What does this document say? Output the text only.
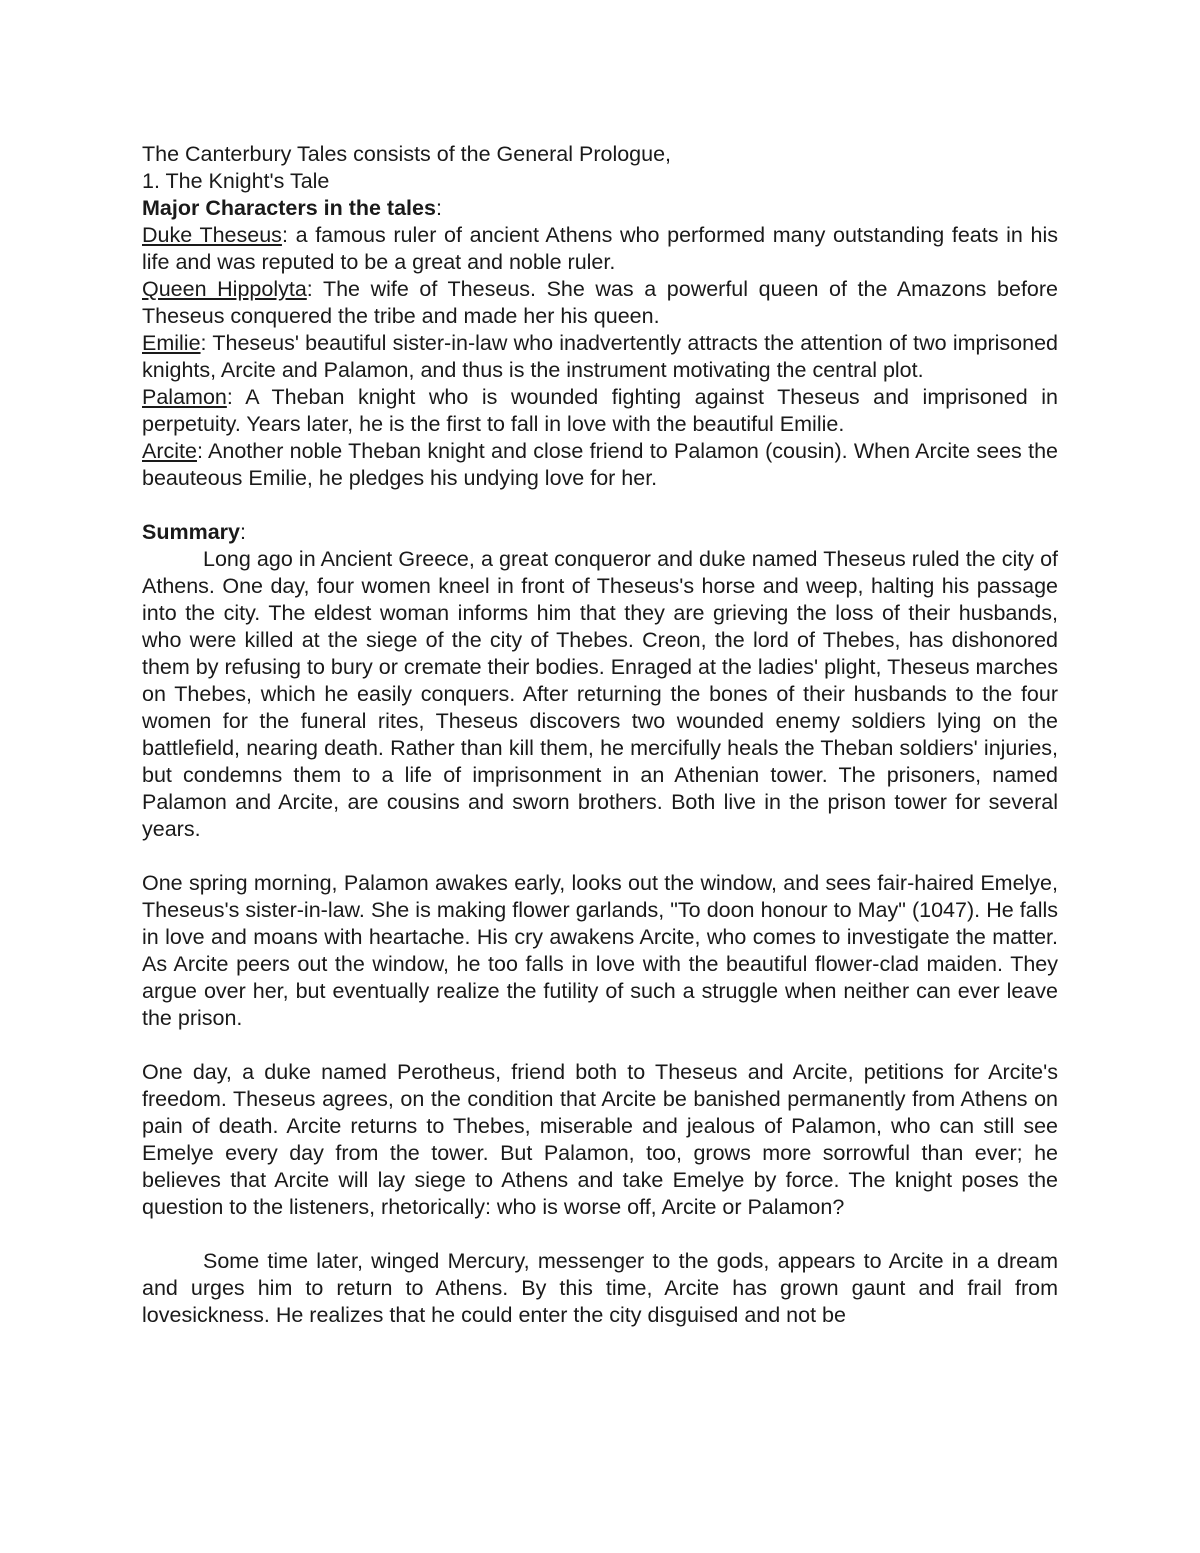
The Canterbury Tales consists of the General Prologue,

1. The Knight's Tale

Major Characters in the tales:

Duke Theseus: a famous ruler of ancient Athens who performed many outstanding feats in his life and was reputed to be a great and noble ruler.

Queen Hippolyta: The wife of Theseus. She was a powerful queen of the Amazons before Theseus conquered the tribe and made her his queen.

Emilie: Theseus' beautiful sister-in-law who inadvertently attracts the attention of two imprisoned knights, Arcite and Palamon, and thus is the instrument motivating the central plot.

Palamon: A Theban knight who is wounded fighting against Theseus and imprisoned in perpetuity. Years later, he is the first to fall in love with the beautiful Emilie.

Arcite: Another noble Theban knight and close friend to Palamon (cousin). When Arcite sees the beauteous Emilie, he pledges his undying love for her.

Summary:

Long ago in Ancient Greece, a great conqueror and duke named Theseus ruled the city of Athens. One day, four women kneel in front of Theseus's horse and weep, halting his passage into the city. The eldest woman informs him that they are grieving the loss of their husbands, who were killed at the siege of the city of Thebes. Creon, the lord of Thebes, has dishonored them by refusing to bury or cremate their bodies. Enraged at the ladies' plight, Theseus marches on Thebes, which he easily conquers. After returning the bones of their husbands to the four women for the funeral rites, Theseus discovers two wounded enemy soldiers lying on the battlefield, nearing death. Rather than kill them, he mercifully heals the Theban soldiers' injuries, but condemns them to a life of imprisonment in an Athenian tower. The prisoners, named Palamon and Arcite, are cousins and sworn brothers. Both live in the prison tower for several years.

One spring morning, Palamon awakes early, looks out the window, and sees fair-haired Emelye, Theseus's sister-in-law. She is making flower garlands, "To doon honour to May" (1047). He falls in love and moans with heartache. His cry awakens Arcite, who comes to investigate the matter. As Arcite peers out the window, he too falls in love with the beautiful flower-clad maiden. They argue over her, but eventually realize the futility of such a struggle when neither can ever leave the prison.

One day, a duke named Perotheus, friend both to Theseus and Arcite, petitions for Arcite's freedom. Theseus agrees, on the condition that Arcite be banished permanently from Athens on pain of death. Arcite returns to Thebes, miserable and jealous of Palamon, who can still see Emelye every day from the tower. But Palamon, too, grows more sorrowful than ever; he believes that Arcite will lay siege to Athens and take Emelye by force. The knight poses the question to the listeners, rhetorically: who is worse off, Arcite or Palamon?

Some time later, winged Mercury, messenger to the gods, appears to Arcite in a dream and urges him to return to Athens. By this time, Arcite has grown gaunt and frail from lovesickness. He realizes that he could enter the city disguised and not be
